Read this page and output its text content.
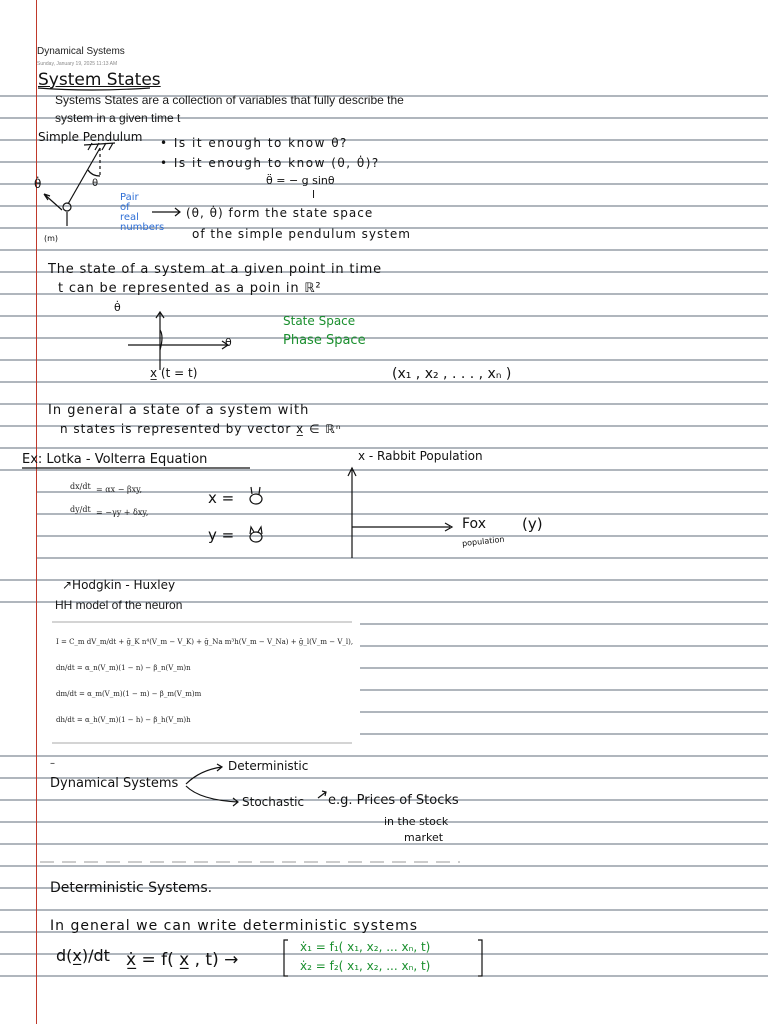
Dynamical Systems
Sunday, January 19, 2025 11:13 AM
System States
Systems States are a collection of variables that fully describe the
system in a given time t
Simple Pendulum • Is it enough to know θ?
• Is it enough to know (θ, θ̇)?
θ̈ = − g sinθ
l
Pair
of
real
numbers
(θ, θ̇) form the state space
of the simple pendulum system
(m)
The state of a system at a given point in time
t can be represented as a poin in ℝ²
θ̇
θ
State Space
Phase Space
x̲ (t = t)	(x₁ , x₂ , . . . , xₙ )
In general a state of a system with
n states is represented by vector x̲ ∈ ℝⁿ
Ex: Lotka - Volterra Equation
dx/dt = αx − βxy,
dy/dt = −γy + δxy,
x =
y =
x - Rabbit Population
Fox
population
(y)
↗Hodgkin - Huxley
HH model of the neuron
I = C_m dV_m/dt + ḡ_K n⁴(V_m − V_K) + ḡ_Na m³h(V_m − V_Na) + ḡ_l(V_m − V_l),
dn/dt = α_n(V_m)(1 − n) − β_n(V_m)n
dm/dt = α_m(V_m)(1 − m) − β_m(V_m)m
dh/dt = α_h(V_m)(1 − h) − β_h(V_m)h
Dynamical Systems
Deterministic
Stochastic e.g. Prices of Stocks
in the stock
market
Deterministic Systems.
In general we can write deterministic systems
d(x̲)/dt ẋ̲ = f( x̲ , t) →
ẋ₁ = f₁( x₁, x₂, ... xₙ, t)
ẋ₂ = f₂( x₁, x₂, ... xₙ, t)
θ
θ̇
–
